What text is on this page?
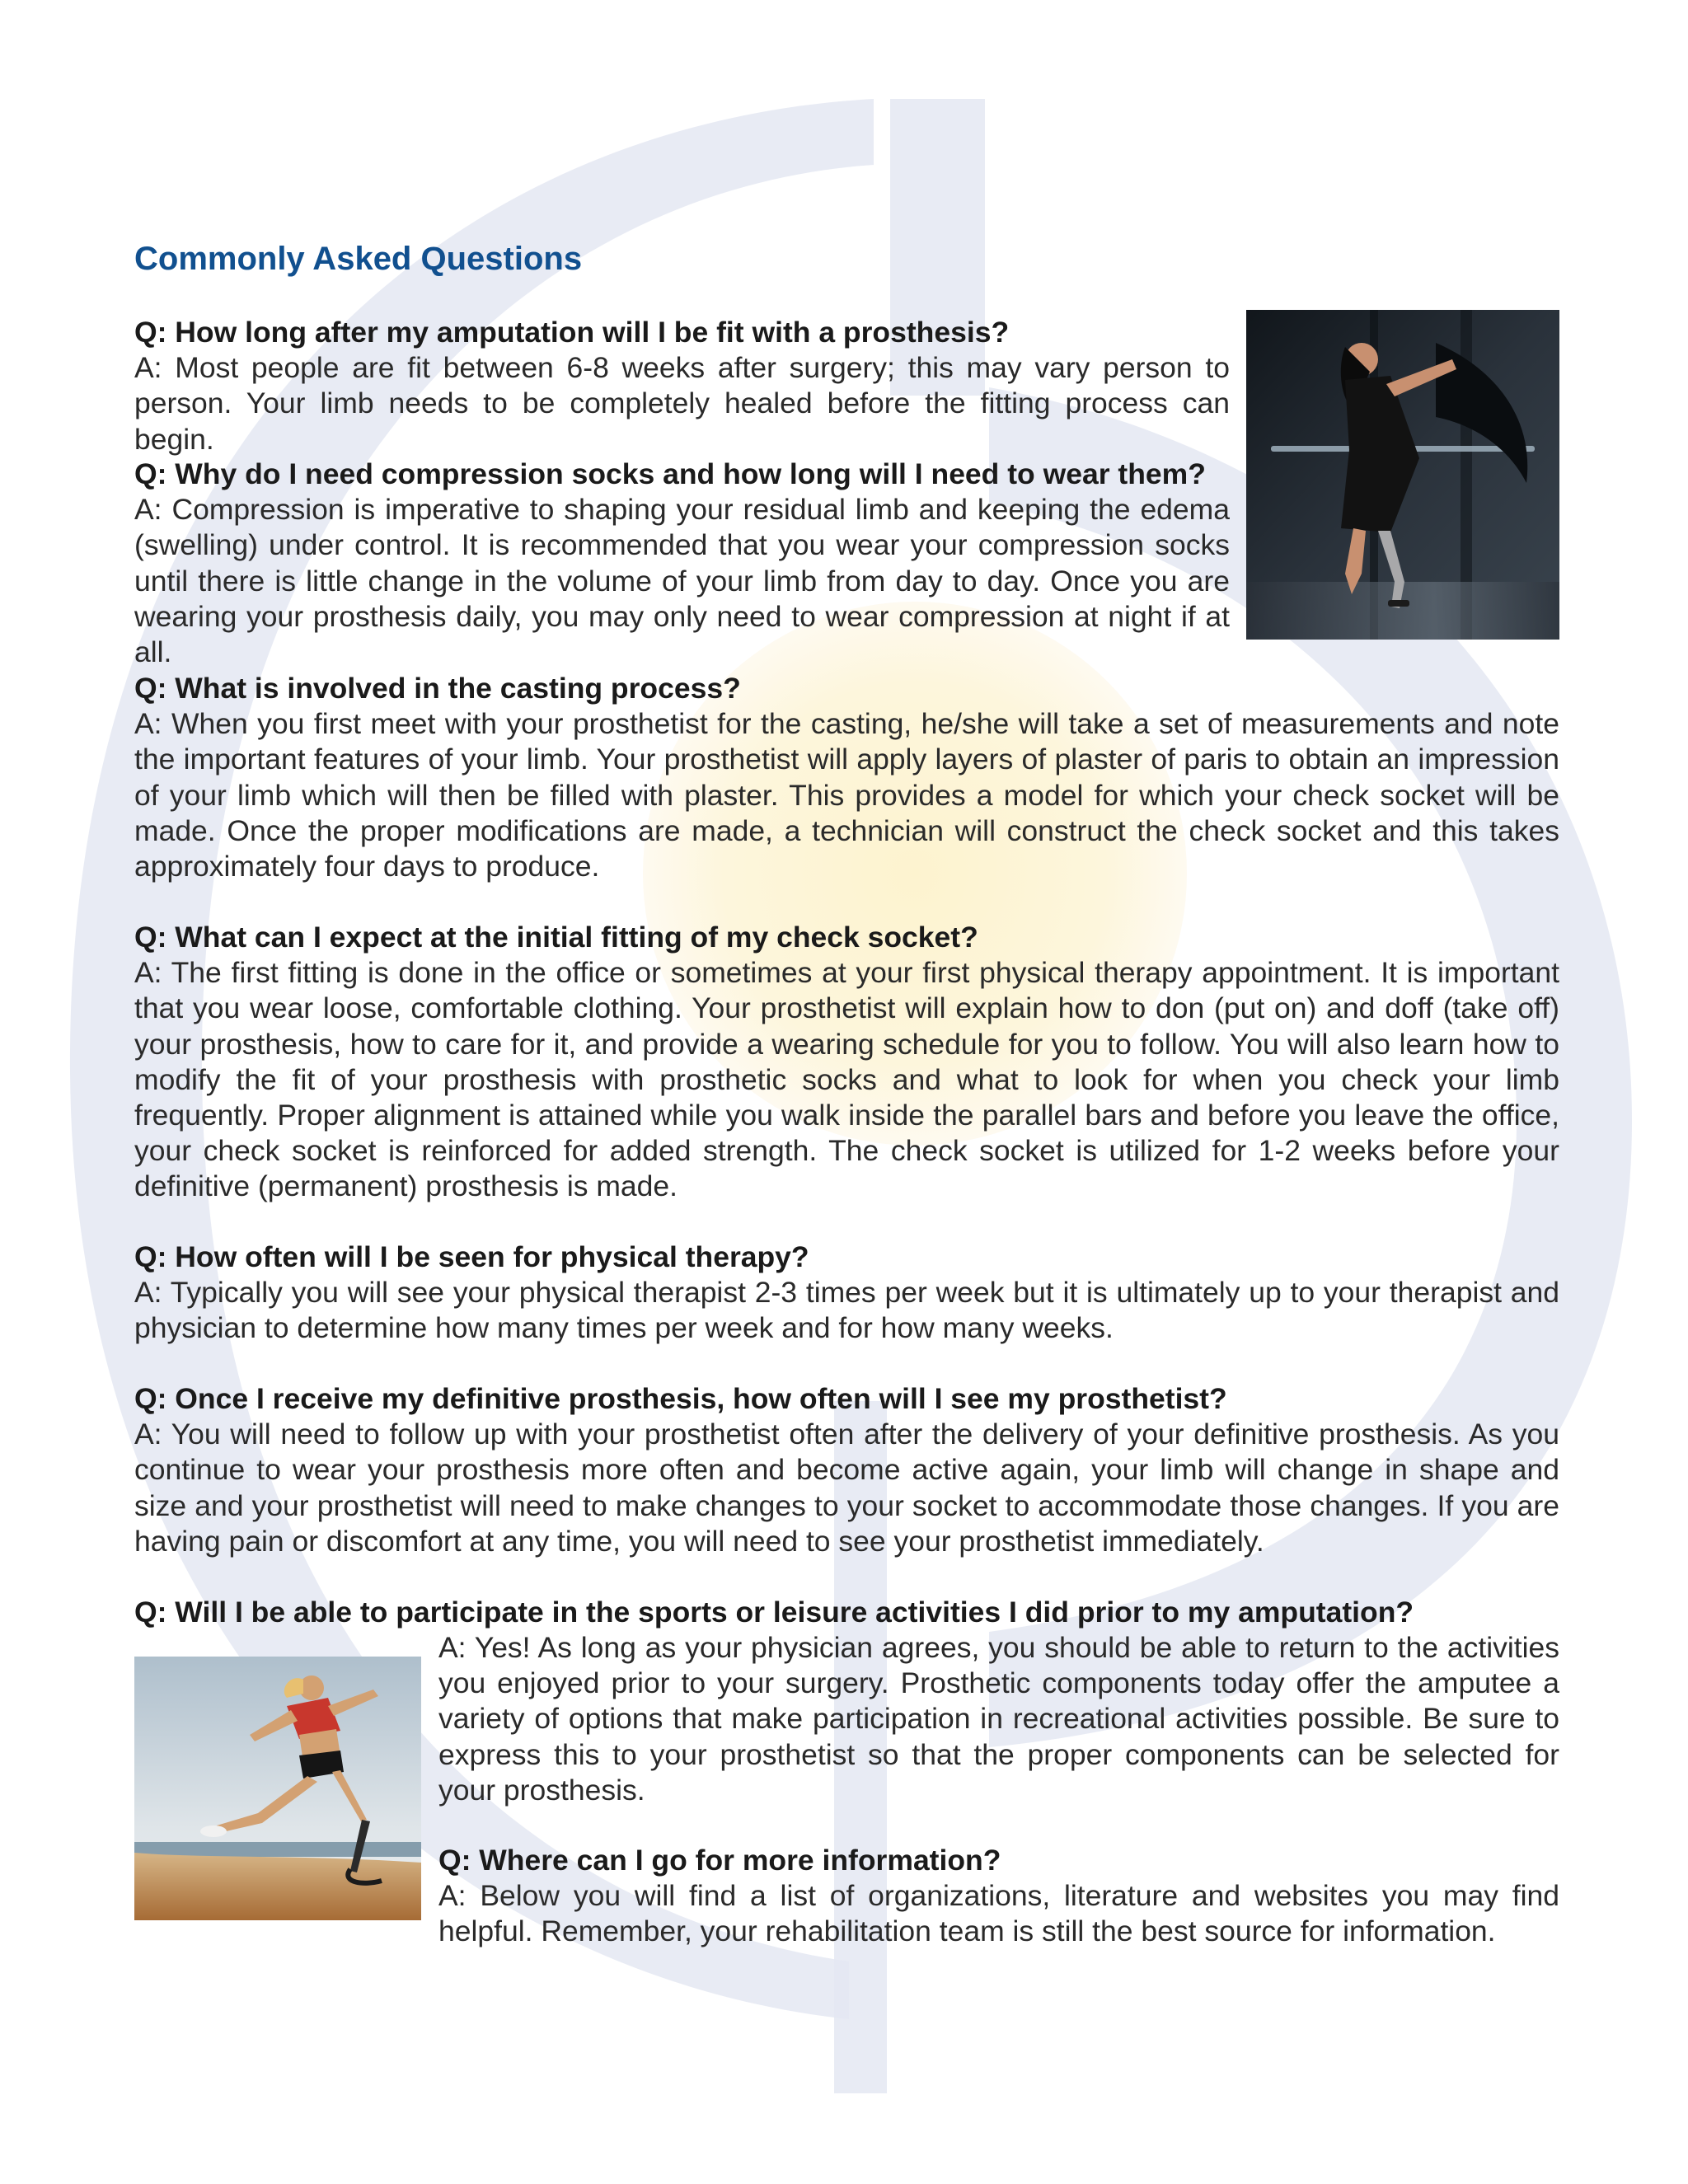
Commonly Asked Questions
Q: How long after my amputation will I be fit with a prosthesis?
A: Most people are fit between 6-8 weeks after surgery; this may vary person to person. Your limb needs to be completely healed before the fitting process can begin.
Q: Why do I need compression socks and how long will I need to wear them?
A: Compression is imperative to shaping your residual limb and keeping the edema (swelling) under control. It is recommended that you wear your compression socks until there is little change in the volume of your limb from day to day. Once you are wearing your prosthesis daily, you may only need to wear compression at night if at all.
Q: What is involved in the casting process?
A: When you first meet with your prosthetist for the casting, he/she will take a set of measurements and note the important features of your limb. Your prosthetist will apply layers of plaster of paris to obtain an impression of your limb which will then be filled with plaster. This provides a model for which your check socket will be made. Once the proper modifications are made, a technician will construct the check socket and this takes approximately four days to produce.
Q: What can I expect at the initial fitting of my check socket?
A: The first fitting is done in the office or sometimes at your first physical therapy appointment. It is important that you wear loose, comfortable clothing. Your prosthetist will explain how to don (put on) and doff (take off) your prosthesis, how to care for it, and provide a wearing schedule for you to follow. You will also learn how to modify the fit of your prosthesis with prosthetic socks and what to look for when you check your limb frequently. Proper alignment is attained while you walk inside the parallel bars and before you leave the office, your check socket is reinforced for added strength. The check socket is utilized for 1-2 weeks before your definitive (permanent) prosthesis is made.
Q: How often will I be seen for physical therapy?
A: Typically you will see your physical therapist 2-3 times per week but it is ultimately up to your therapist and physician to determine how many times per week and for how many weeks.
Q: Once I receive my definitive prosthesis, how often will I see my prosthetist?
A: You will need to follow up with your prosthetist often after the delivery of your definitive prosthesis. As you continue to wear your prosthesis more often and become active again, your limb will change in shape and size and your prosthetist will need to make changes to your socket to accommodate those changes. If you are having pain or discomfort at any time, you will need to see your prosthetist immediately.
Q: Will I be able to participate in the sports or leisure activities I did prior to my amputation?
A: Yes! As long as your physician agrees, you should be able to return to the activities you enjoyed prior to your surgery. Prosthetic components today offer the amputee a variety of options that make participation in recreational activities possible. Be sure to express this to your prosthetist so that the proper components can be selected for your prosthesis.
Q: Where can I go for more information?
A: Below you will find a list of organizations, literature and websites you may find helpful. Remember, your rehabilitation team is still the best source for information.
